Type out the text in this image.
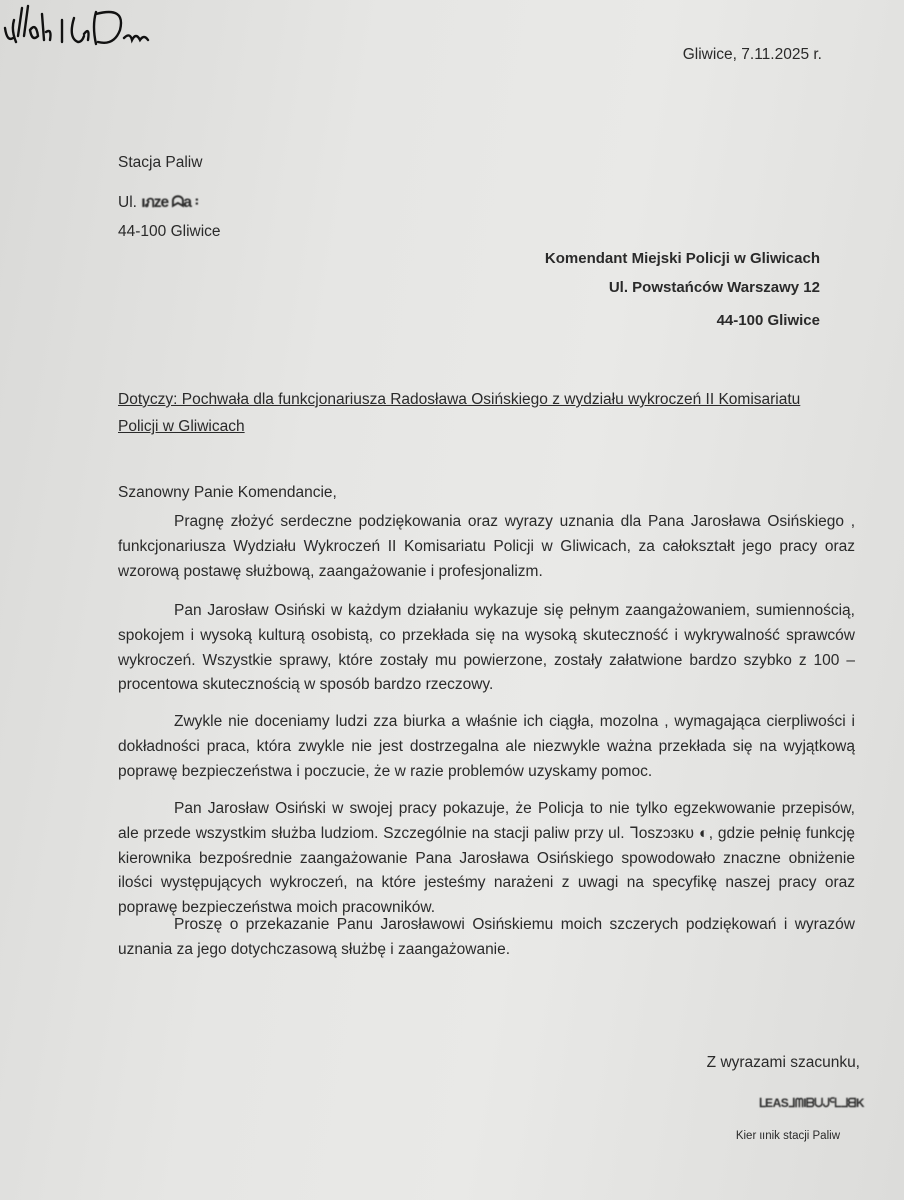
Gliwice, 7.11.2025 r.
Stacja Paliw
Ul. ıภze ᗣa ꞉
44-100 Gliwice
Komendant Miejski Policji w Gliwicach
Ul. Powstańców Warszawy 12
44-100 Gliwice
Dotyczy: Pochwała dla funkcjonariusza Radosława Osińskiego z wydziału wykroczeń II Komisariatu Policji w Gliwicach
Szanowny Panie Komendancie,
Pragnę złożyć serdeczne podziękowania oraz wyrazy uznania dla Pana Jarosława Osińskiego , funkcjonariusza Wydziału Wykroczeń II Komisariatu Policji w Gliwicach, za całokształt jego pracy oraz wzorową postawę służbową, zaangażowanie i profesjonalizm.
Pan Jarosław Osiński w każdym działaniu wykazuje się pełnym zaangażowaniem, sumiennością, spokojem i wysoką kulturą osobistą, co przekłada się na wysoką skuteczność i wykrywalność sprawców wykroczeń. Wszystkie sprawy, które zostały mu powierzone, zostały załatwione bardzo szybko z 100 – procentowa skutecznością w sposób bardzo rzeczowy.
Zwykle nie doceniamy ludzi zza biurka a właśnie ich ciągła, mozolna , wymagająca cierpliwości i dokładności praca, która zwykle nie jest dostrzegalna ale niezwykle ważna przekłada się na wyjątkową poprawę bezpieczeństwa i poczucie, że w razie problemów uzyskamy pomoc.
Pan Jarosław Osiński w swojej pracy pokazuje, że Policja to nie tylko egzekwowanie przepisów, ale przede wszystkim służba ludziom. Szczególnie na stacji paliw przy ul. ᒣoszɔɜκυ ◐, gdzie pełnię funkcję kierownika bezpośrednie zaangażowanie Pana Jarosława Osińskiego spowodowało znaczne obniżenie ilości występujących wykroczeń, na które jesteśmy narażeni z uwagi na specyfikę naszej pracy oraz poprawę bezpieczeństwa moich pracowników.
Proszę o przekazanie Panu Jarosławowi Osińskiemu moich szczerych podziękowań i wyrazów uznania za jego dotychczasową służbę i zaangażowanie.
Z wyrazami szacunku,
ᒪEASᒧᗰIᗷᑌᒍᑦᒪᒧᗺK
Kier ιınik stacji Paliw
